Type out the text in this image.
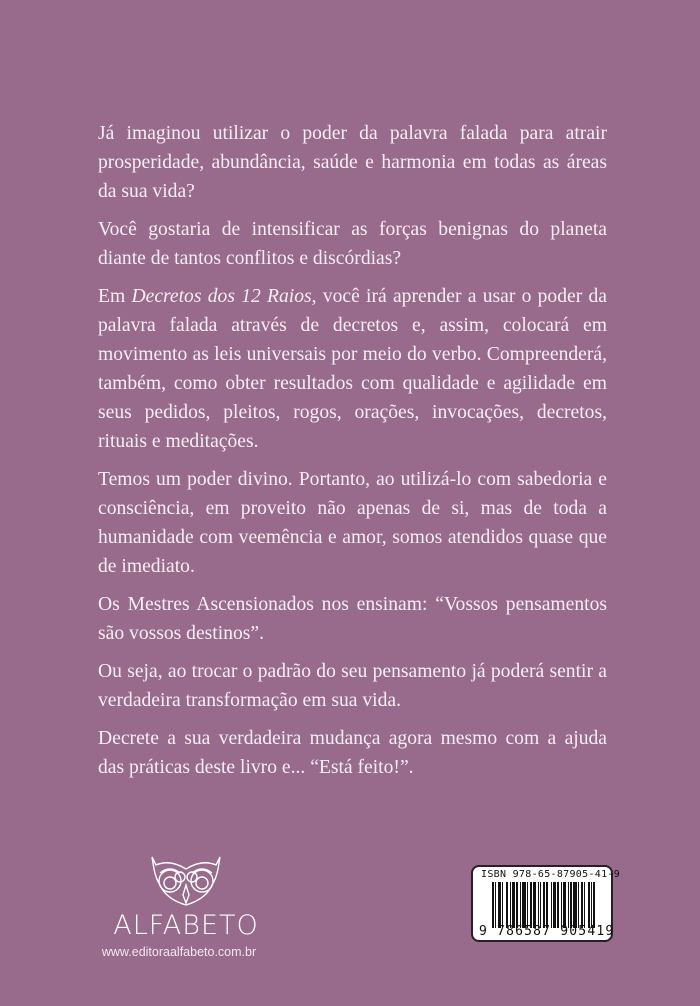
Já imaginou utilizar o poder da palavra falada para atrair prosperidade, abundância, saúde e harmonia em todas as áreas da sua vida?

Você gostaria de intensificar as forças benignas do planeta diante de tantos conflitos e discórdias?

Em Decretos dos 12 Raios, você irá aprender a usar o poder da palavra falada através de decretos e, assim, colocará em movimento as leis universais por meio do verbo. Compreenderá, também, como obter resultados com qualidade e agilidade em seus pedidos, pleitos, rogos, orações, invocações, decretos, rituais e meditações.

Temos um poder divino. Portanto, ao utilizá-lo com sabedoria e consciência, em proveito não apenas de si, mas de toda a humanidade com veemência e amor, somos atendidos quase que de imediato.

Os Mestres Ascensionados nos ensinam: “Vossos pensamentos são vossos destinos”.

Ou seja, ao trocar o padrão do seu pensamento já poderá sentir a verdadeira transformação em sua vida.

Decrete a sua verdadeira mudança agora mesmo com a ajuda das práticas deste livro e... “Está feito!”.

ALFABETO
www.editoraalfabeto.com.br
ISBN 978-65-87905-41-9
9 786587 905419
